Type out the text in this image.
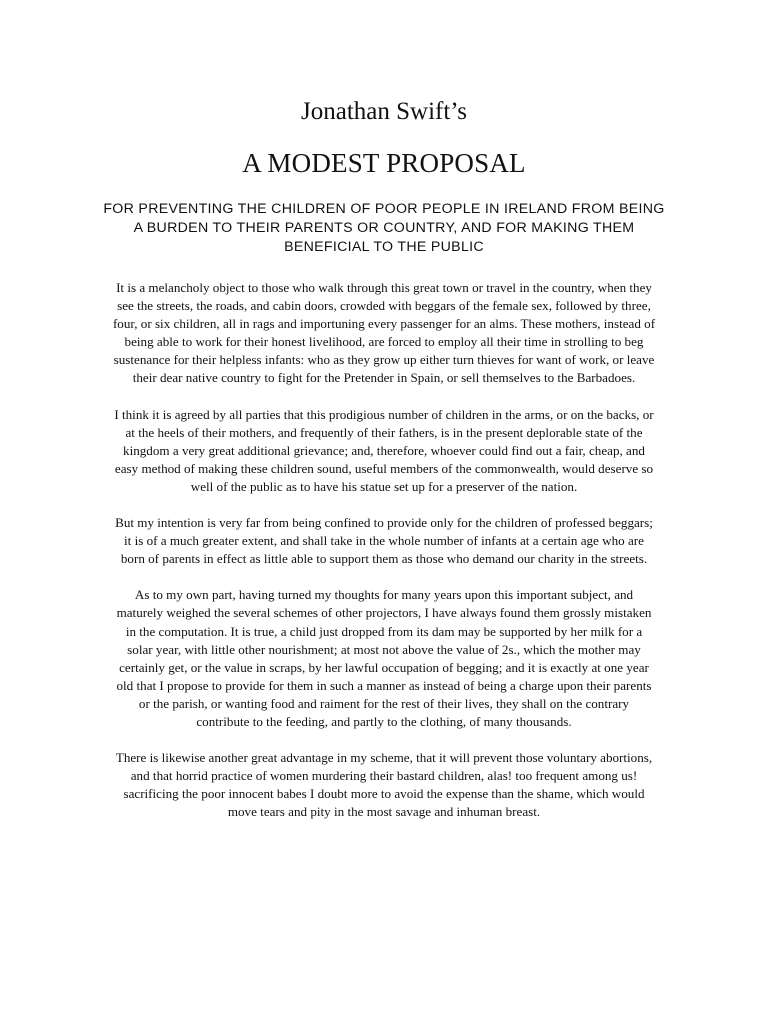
Jonathan Swift’s
A MODEST PROPOSAL

FOR PREVENTING THE CHILDREN OF POOR PEOPLE IN IRELAND FROM BEING A BURDEN TO THEIR PARENTS OR COUNTRY, AND FOR MAKING THEM BENEFICIAL TO THE PUBLIC

It is a melancholy object to those who walk through this great town or travel in the country, when they see the streets, the roads, and cabin doors, crowded with beggars of the female sex, followed by three, four, or six children, all in rags and importuning every passenger for an alms. These mothers, instead of being able to work for their honest livelihood, are forced to employ all their time in strolling to beg sustenance for their helpless infants: who as they grow up either turn thieves for want of work, or leave their dear native country to fight for the Pretender in Spain, or sell themselves to the Barbadoes.

I think it is agreed by all parties that this prodigious number of children in the arms, or on the backs, or at the heels of their mothers, and frequently of their fathers, is in the present deplorable state of the kingdom a very great additional grievance; and, therefore, whoever could find out a fair, cheap, and easy method of making these children sound, useful members of the commonwealth, would deserve so well of the public as to have his statue set up for a preserver of the nation.

But my intention is very far from being confined to provide only for the children of professed beggars; it is of a much greater extent, and shall take in the whole number of infants at a certain age who are born of parents in effect as little able to support them as those who demand our charity in the streets.

As to my own part, having turned my thoughts for many years upon this important subject, and maturely weighed the several schemes of other projectors, I have always found them grossly mistaken in the computation. It is true, a child just dropped from its dam may be supported by her milk for a solar year, with little other nourishment; at most not above the value of 2s., which the mother may certainly get, or the value in scraps, by her lawful occupation of begging; and it is exactly at one year old that I propose to provide for them in such a manner as instead of being a charge upon their parents or the parish, or wanting food and raiment for the rest of their lives, they shall on the contrary contribute to the feeding, and partly to the clothing, of many thousands.

There is likewise another great advantage in my scheme, that it will prevent those voluntary abortions, and that horrid practice of women murdering their bastard children, alas! too frequent among us! sacrificing the poor innocent babes I doubt more to avoid the expense than the shame, which would move tears and pity in the most savage and inhuman breast.
